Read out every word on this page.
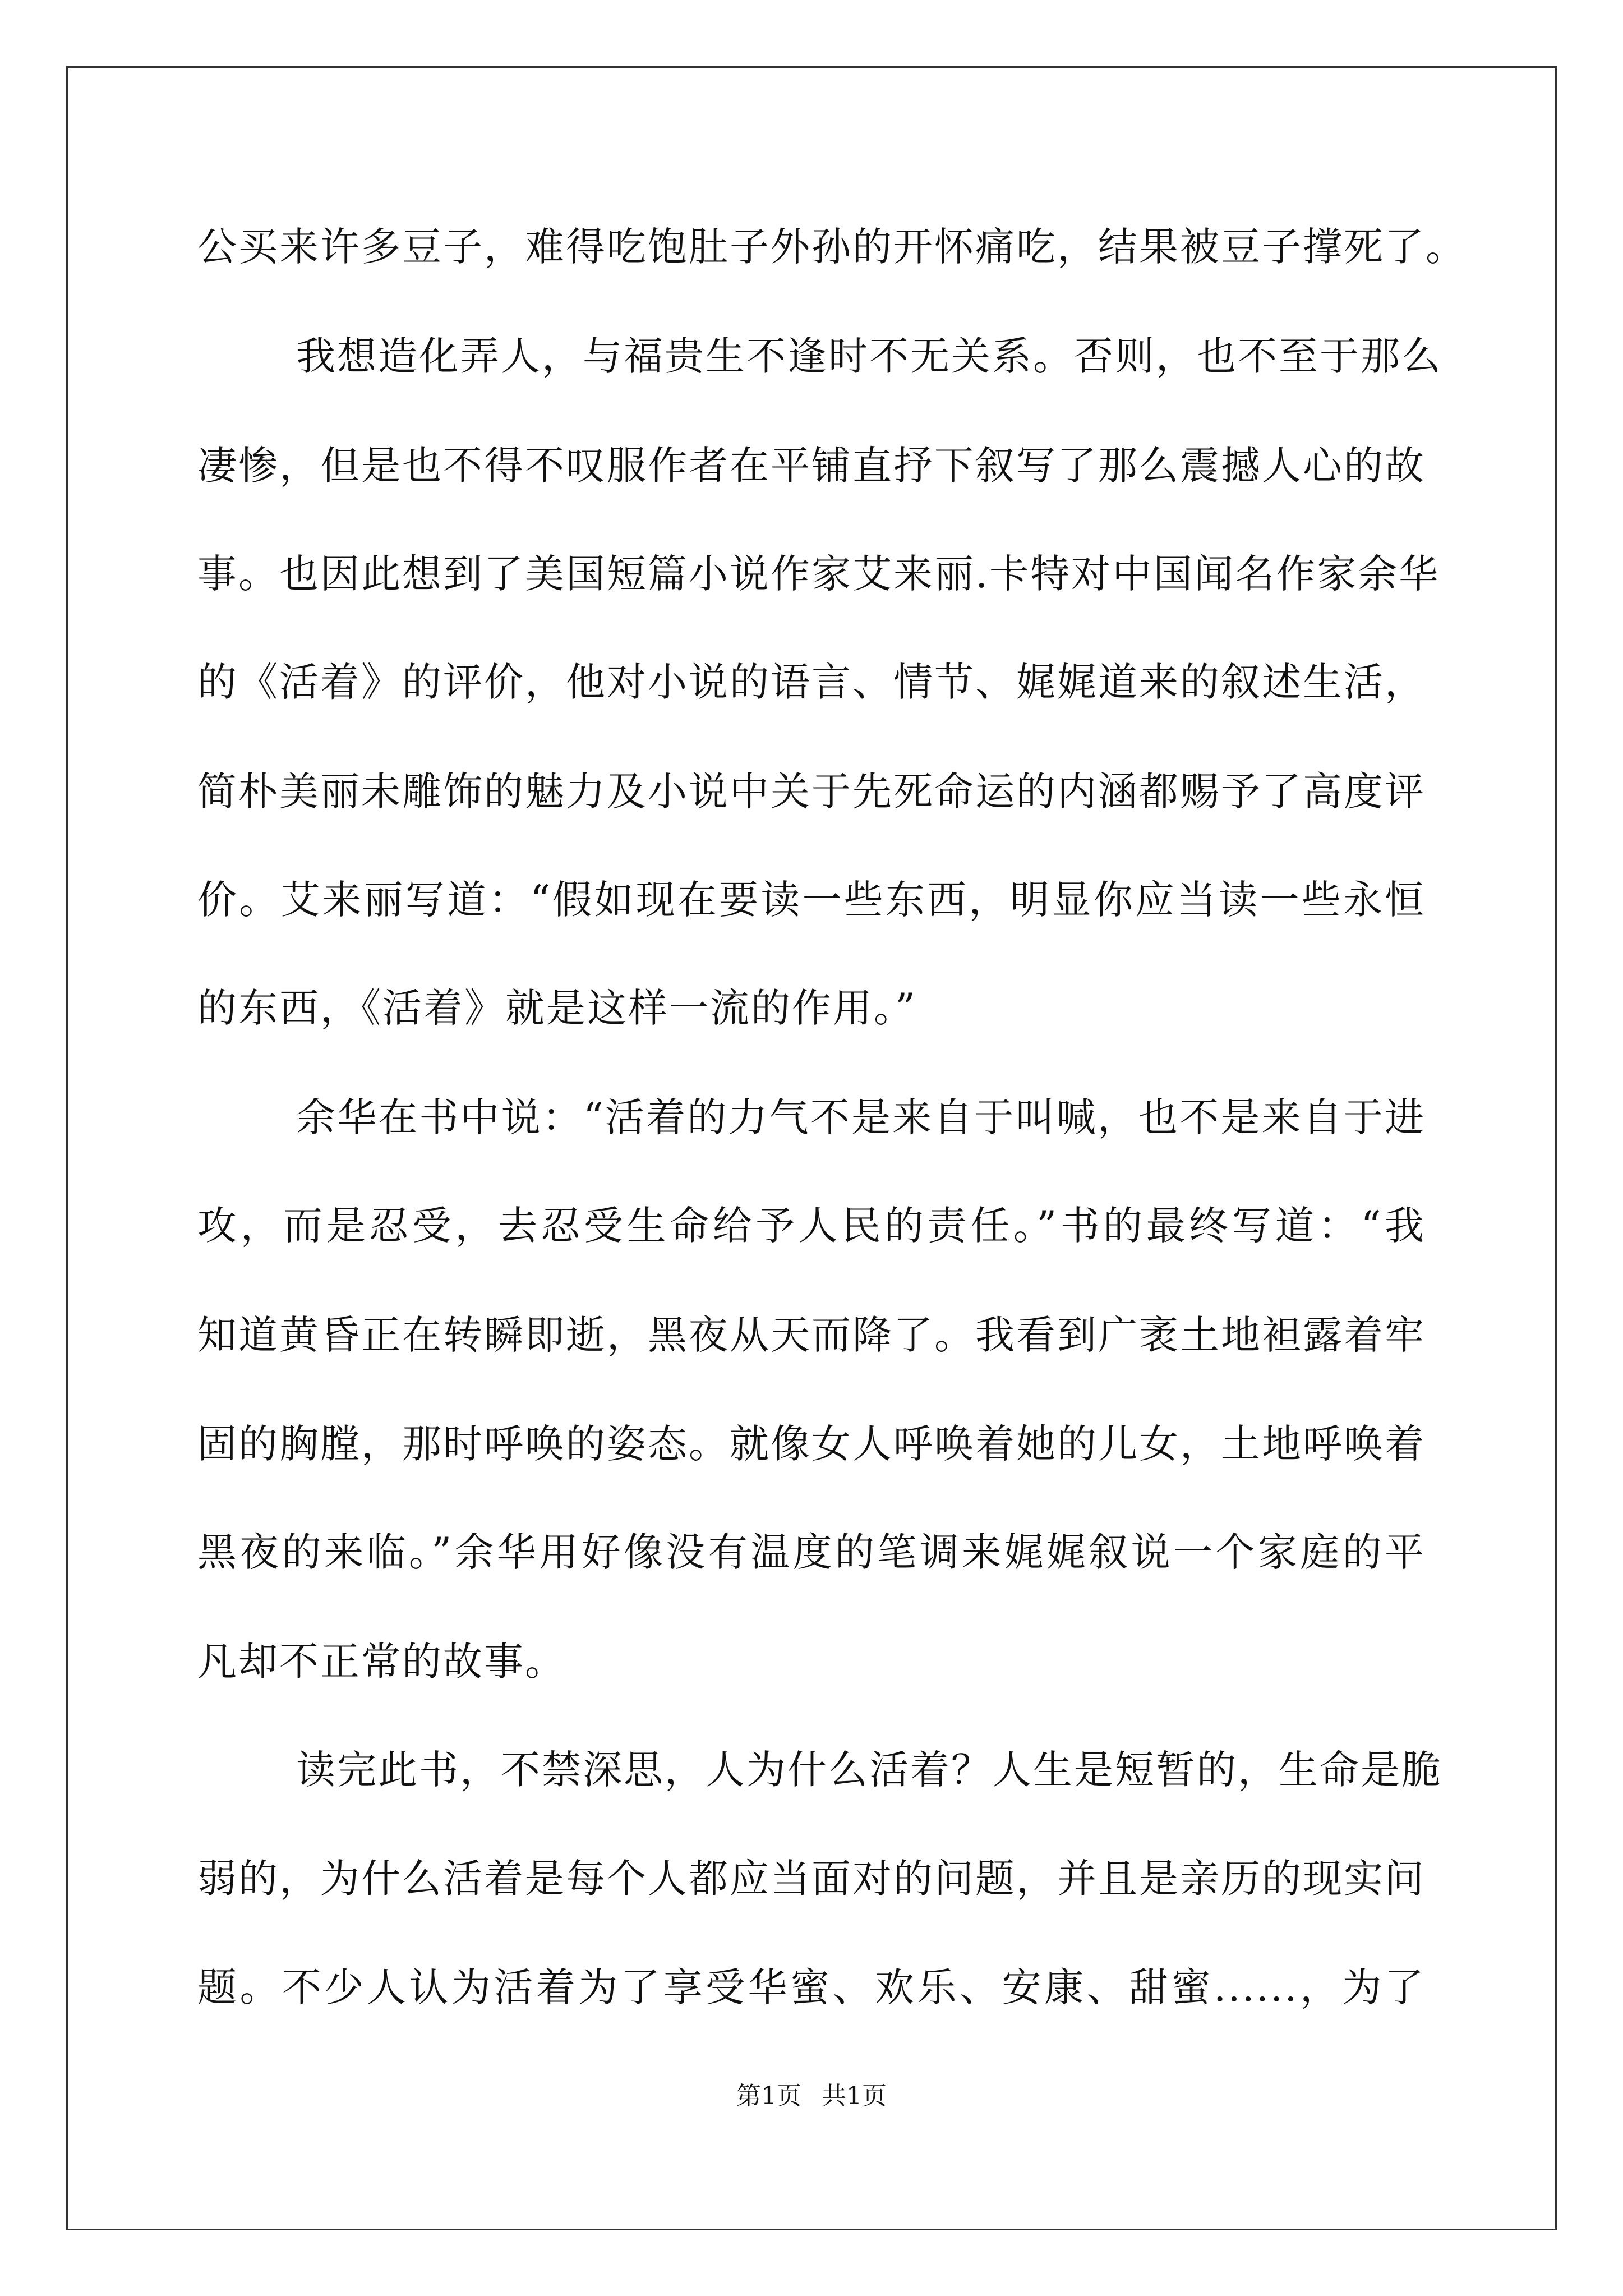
公买来许多豆子，难得吃饱肚子外孙的开怀痛吃，结果被豆子撑死了。
我想造化弄人，与福贵生不逢时不无关系。否则，也不至于那么
凄惨，但是也不得不叹服作者在平铺直抒下叙写了那么震撼人心的故
事。也因此想到了美国短篇小说作家艾来丽.卡特对中国闻名作家余华
的《活着》的评价，他对小说的语言、情节、娓娓道来的叙述生活，
简朴美丽未雕饰的魅力及小说中关于先死命运的内涵都赐予了高度评
价。艾来丽写道：“假如现在要读一些东西，明显你应当读一些永恒
的东西，《活着》就是这样一流的作用。”
余华在书中说：“活着的力气不是来自于叫喊，也不是来自于进
攻，而是忍受，去忍受生命给予人民的责任。”书的最终写道：“我
知道黄昏正在转瞬即逝，黑夜从天而降了。我看到广袤土地袒露着牢
固的胸膛，那时呼唤的姿态。就像女人呼唤着她的儿女，土地呼唤着
黑夜的来临。”余华用好像没有温度的笔调来娓娓叙说一个家庭的平
凡却不正常的故事。
读完此书，不禁深思，人为什么活着？人生是短暂的，生命是脆
弱的，为什么活着是每个人都应当面对的问题，并且是亲历的现实问
题。不少人认为活着为了享受华蜜、欢乐、安康、甜蜜......，为了
第1页 共1页
